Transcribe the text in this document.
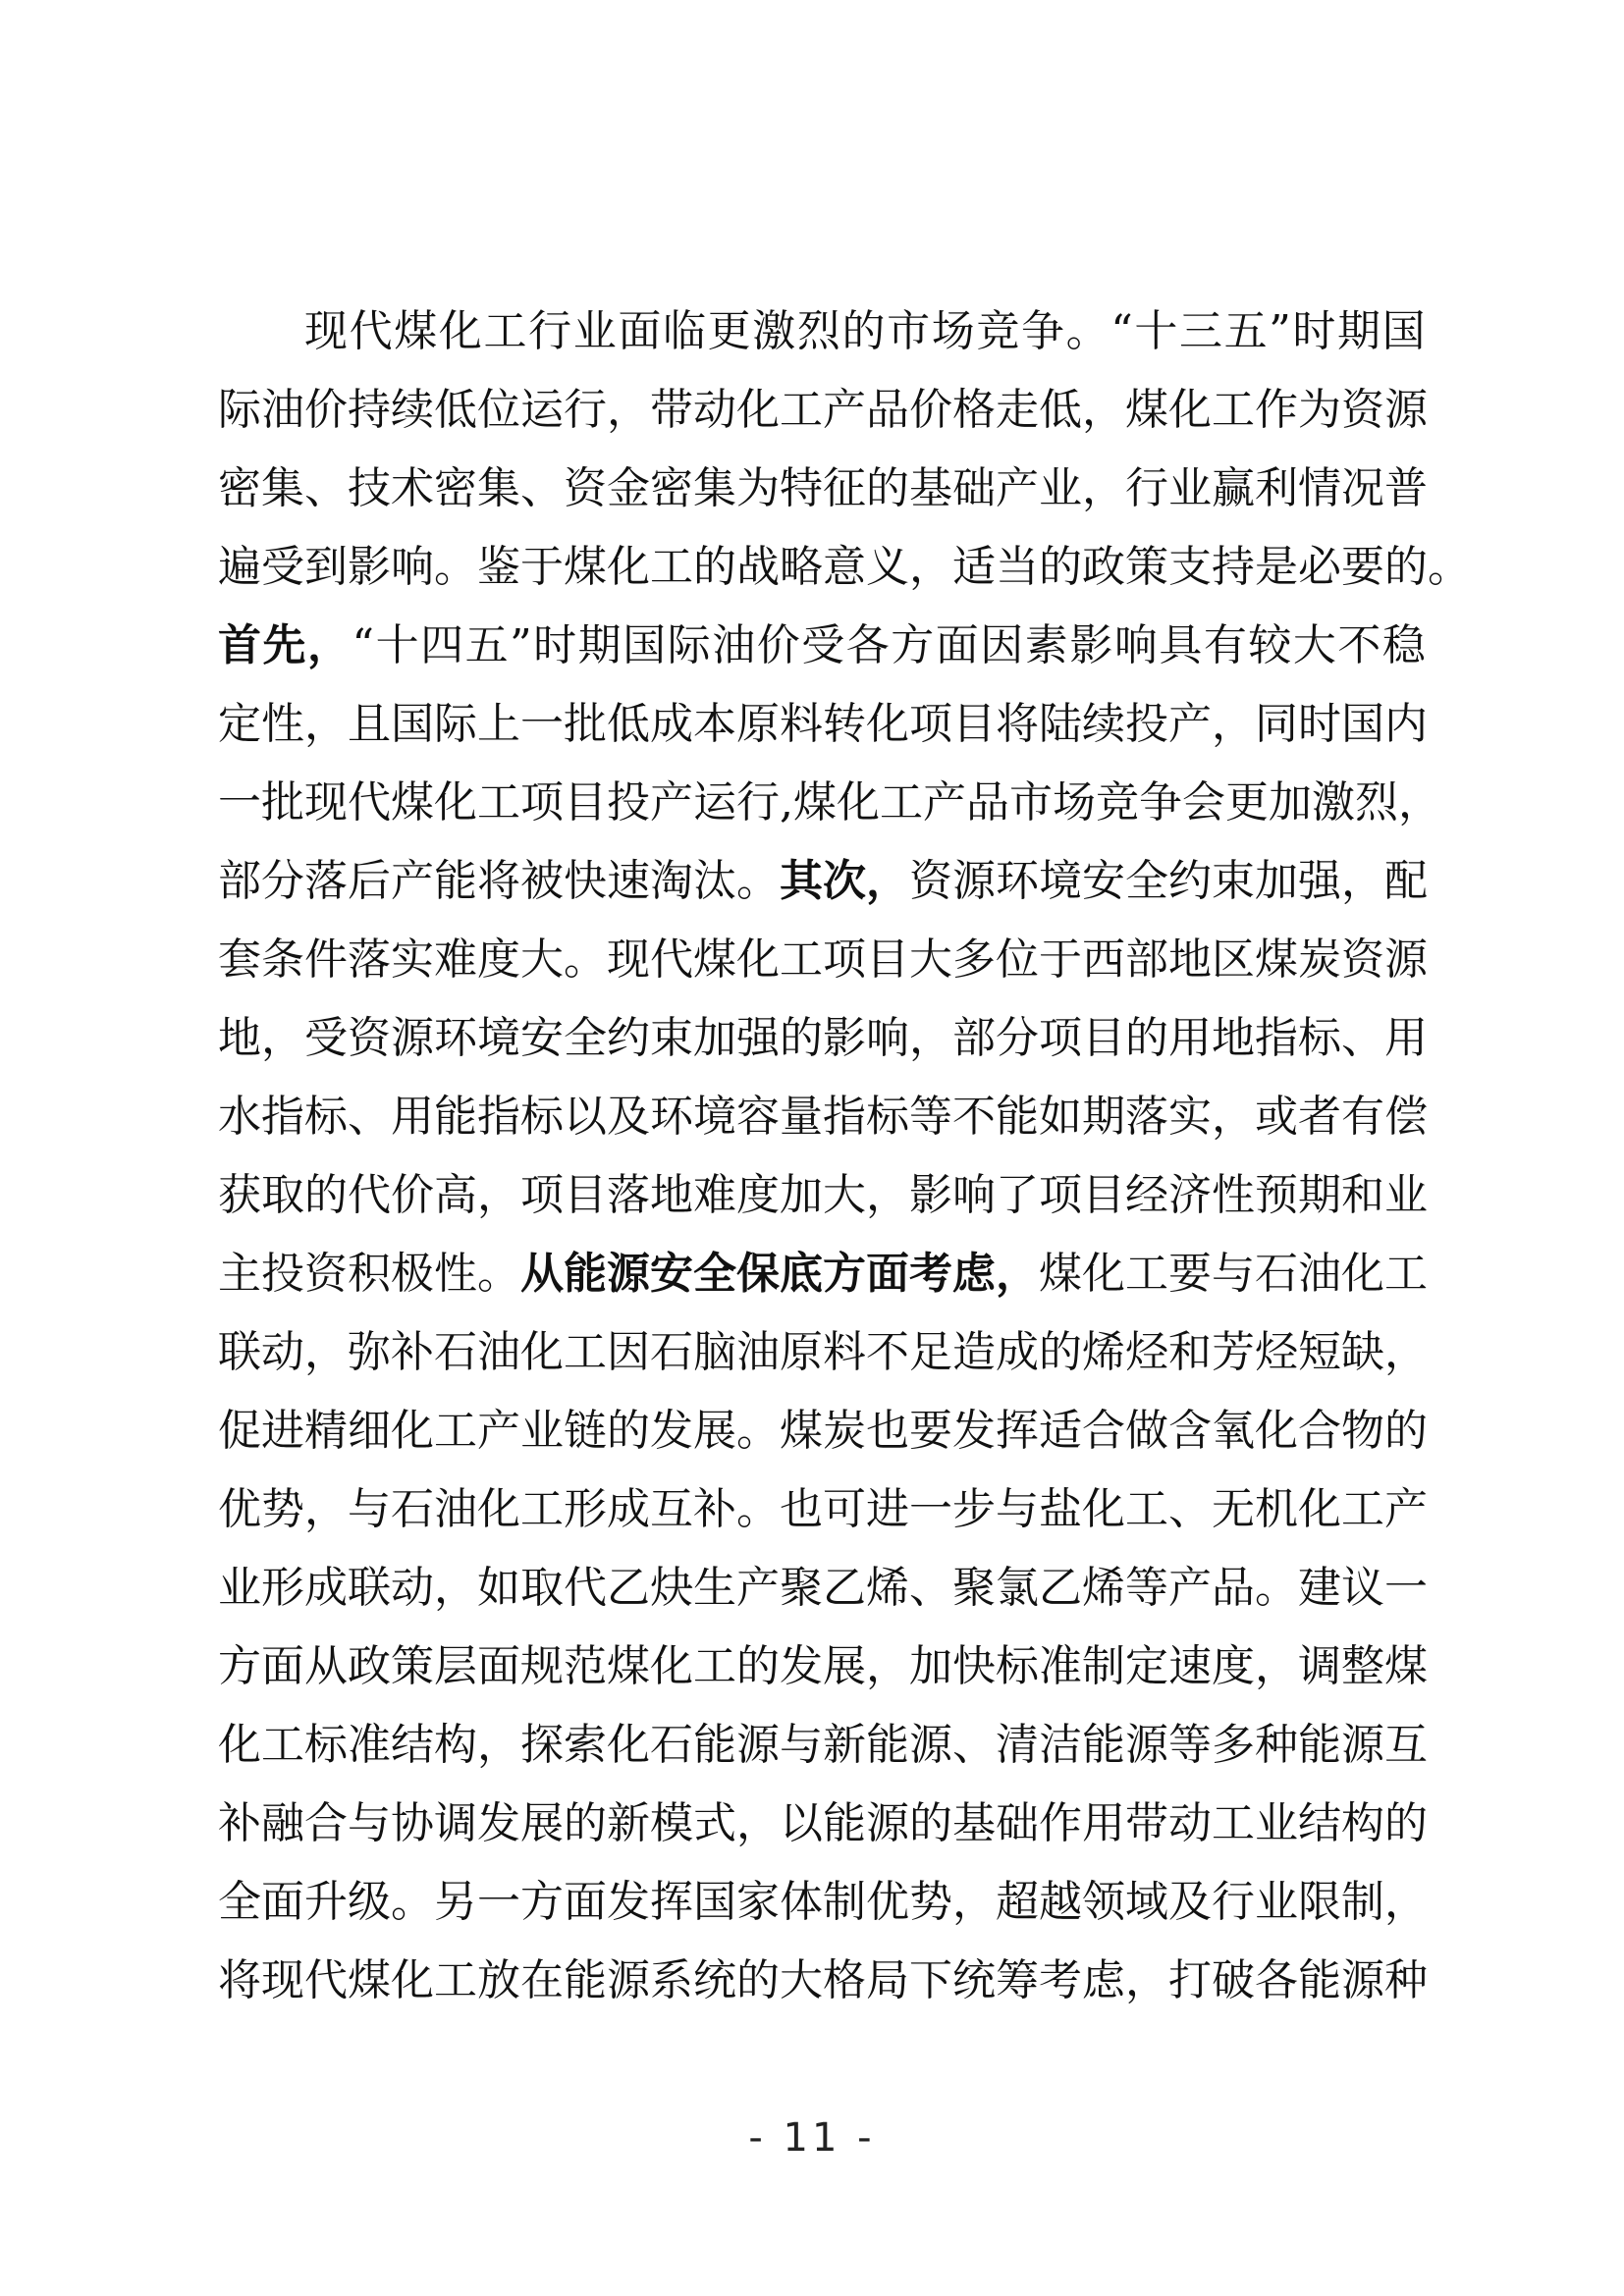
现 代 煤 化 工 行 业 面 临 更 激 烈 的 市 场 竞 争 。 “ 十 三 五 ” 时 期 国
际 油 价 持 续 低 位 运 行 ， 带 动 化 工 产 品 价 格 走 低 ， 煤 化 工 作 为 资 源
密 集 、 技 术 密 集 、 资 金 密 集 为 特 征 的 基 础 产 业 ， 行 业 赢 利 情 况 普
遍 受 到 影 响 。 鉴 于 煤 化 工 的 战 略 意 义 ， 适 当 的 政 策 支 持 是 必 要 的 。
首 先 ， “ 十 四 五 ” 时 期 国 际 油 价 受 各 方 面 因 素 影 响 具 有 较 大 不 稳
定 性 ， 且 国 际 上 一 批 低 成 本 原 料 转 化 项 目 将 陆 续 投 产 ， 同 时 国 内
一 批 现 代 煤 化 工 项 目 投 产 运 行 , 煤 化 工 产 品 市 场 竞 争 会 更 加 激 烈 ，
部 分 落 后 产 能 将 被 快 速 淘 汰 。 其 次 ， 资 源 环 境 安 全 约 束 加 强 ， 配
套 条 件 落 实 难 度 大 。 现 代 煤 化 工 项 目 大 多 位 于 西 部 地 区 煤 炭 资 源
地 ， 受 资 源 环 境 安 全 约 束 加 强 的 影 响 ， 部 分 项 目 的 用 地 指 标 、 用
水 指 标 、 用 能 指 标 以 及 环 境 容 量 指 标 等 不 能 如 期 落 实 ， 或 者 有 偿
获 取 的 代 价 高 ， 项 目 落 地 难 度 加 大 ， 影 响 了 项 目 经 济 性 预 期 和 业
主 投 资 积 极 性 。 从 能 源 安 全 保 底 方 面 考 虑 ， 煤 化 工 要 与 石 油 化 工
联 动 ， 弥 补 石 油 化 工 因 石 脑 油 原 料 不 足 造 成 的 烯 烃 和 芳 烃 短 缺 ，
促 进 精 细 化 工 产 业 链 的 发 展 。 煤 炭 也 要 发 挥 适 合 做 含 氧 化 合 物 的
优 势 ， 与 石 油 化 工 形 成 互 补 。 也 可 进 一 步 与 盐 化 工 、 无 机 化 工 产
业 形 成 联 动 ， 如 取 代 乙 炔 生 产 聚 乙 烯 、 聚 氯 乙 烯 等 产 品 。 建 议 一
方 面 从 政 策 层 面 规 范 煤 化 工 的 发 展 ， 加 快 标 准 制 定 速 度 ， 调 整 煤
化 工 标 准 结 构 ， 探 索 化 石 能 源 与 新 能 源 、 清 洁 能 源 等 多 种 能 源 互
补 融 合 与 协 调 发 展 的 新 模 式 ， 以 能 源 的 基 础 作 用 带 动 工 业 结 构 的
全 面 升 级 。 另 一 方 面 发 挥 国 家 体 制 优 势 ， 超 越 领 域 及 行 业 限 制 ，
将 现 代 煤 化 工 放 在 能 源 系 统 的 大 格 局 下 统 筹 考 虑 ， 打 破 各 能 源 种
- 11 -
